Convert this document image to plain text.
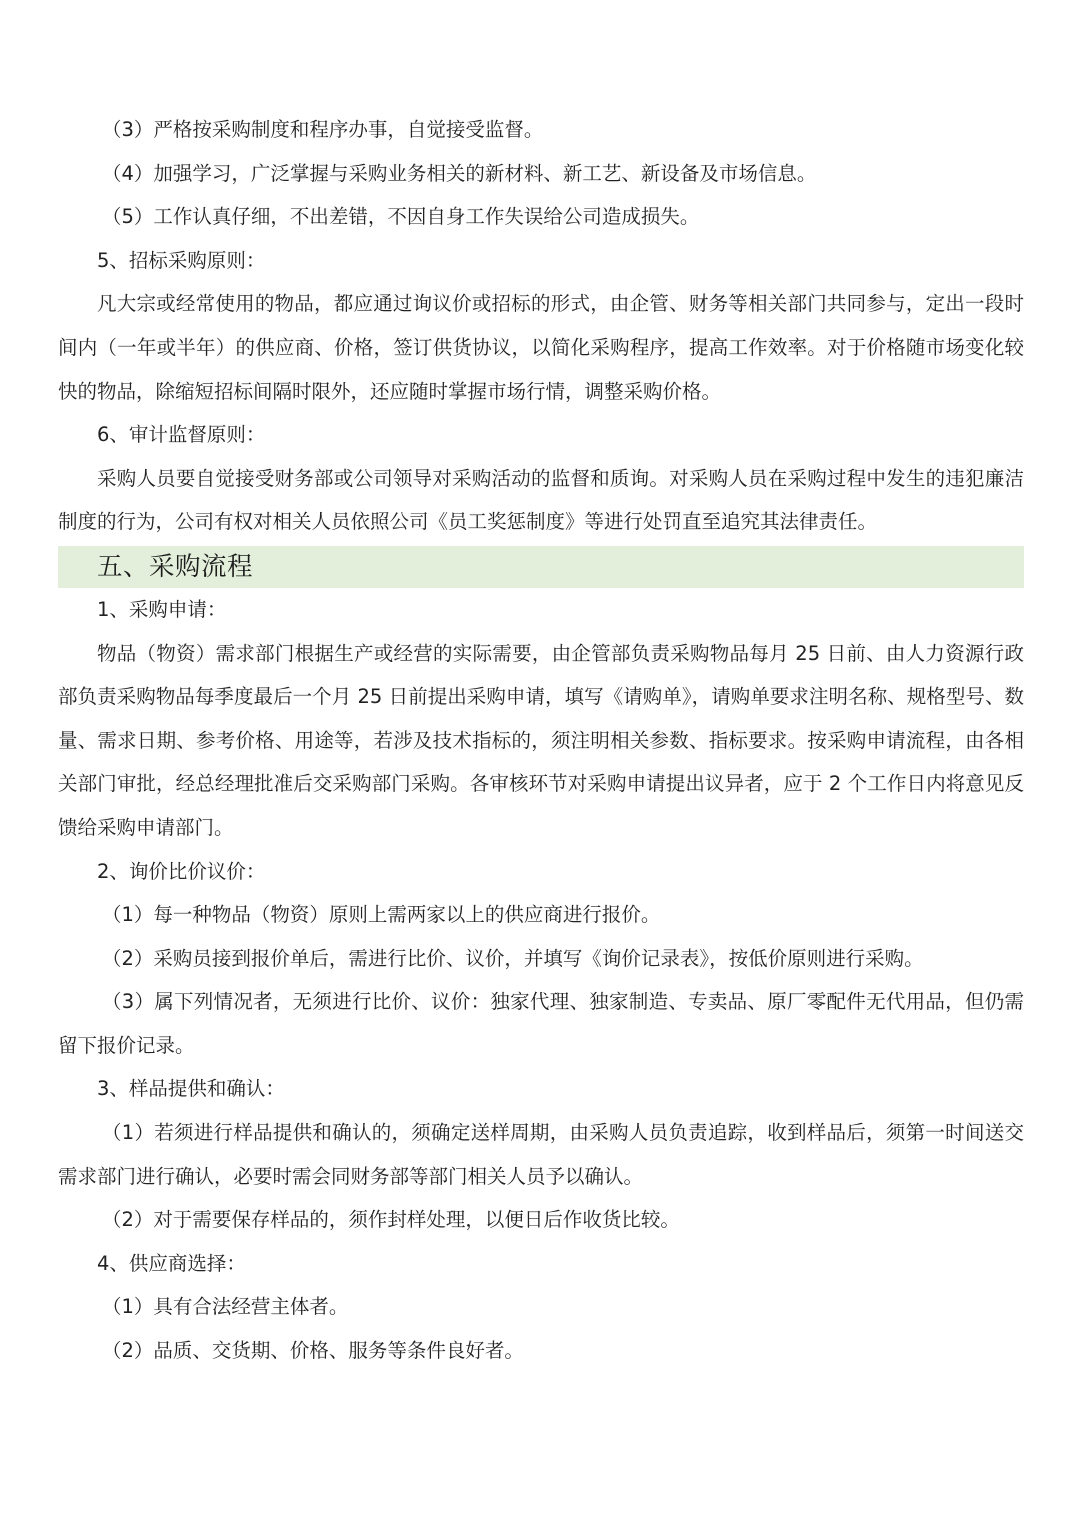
（3）严格按采购制度和程序办事，自觉接受监督。

（4）加强学习，广泛掌握与采购业务相关的新材料、新工艺、新设备及市场信息。

（5）工作认真仔细，不出差错，不因自身工作失误给公司造成损失。

5、招标采购原则：

凡大宗或经常使用的物品，都应通过询议价或招标的形式，由企管、财务等相关部门共同参与，定出一段时间内（一年或半年）的供应商、价格，签订供货协议，以简化采购程序，提高工作效率。对于价格随市场变化较快的物品，除缩短招标间隔时限外，还应随时掌握市场行情，调整采购价格。

6、审计监督原则：

采购人员要自觉接受财务部或公司领导对采购活动的监督和质询。对采购人员在采购过程中发生的违犯廉洁制度的行为，公司有权对相关人员依照公司《员工奖惩制度》等进行处罚直至追究其法律责任。

五、采购流程

1、采购申请：

物品（物资）需求部门根据生产或经营的实际需要，由企管部负责采购物品每月 25 日前、由人力资源行政部负责采购物品每季度最后一个月 25 日前提出采购申请，填写《请购单》，请购单要求注明名称、规格型号、数量、需求日期、参考价格、用途等，若涉及技术指标的，须注明相关参数、指标要求。按采购申请流程，由各相关部门审批，经总经理批准后交采购部门采购。各审核环节对采购申请提出议异者，应于 2 个工作日内将意见反馈给采购申请部门。

2、询价比价议价：

（1）每一种物品（物资）原则上需两家以上的供应商进行报价。

（2）采购员接到报价单后，需进行比价、议价，并填写《询价记录表》，按低价原则进行采购。

（3）属下列情况者，无须进行比价、议价：独家代理、独家制造、专卖品、原厂零配件无代用品，但仍需留下报价记录。

3、样品提供和确认：

（1）若须进行样品提供和确认的，须确定送样周期，由采购人员负责追踪，收到样品后，须第一时间送交需求部门进行确认，必要时需会同财务部等部门相关人员予以确认。

（2）对于需要保存样品的，须作封样处理，以便日后作收货比较。

4、供应商选择：

（1）具有合法经营主体者。

（2）品质、交货期、价格、服务等条件良好者。
